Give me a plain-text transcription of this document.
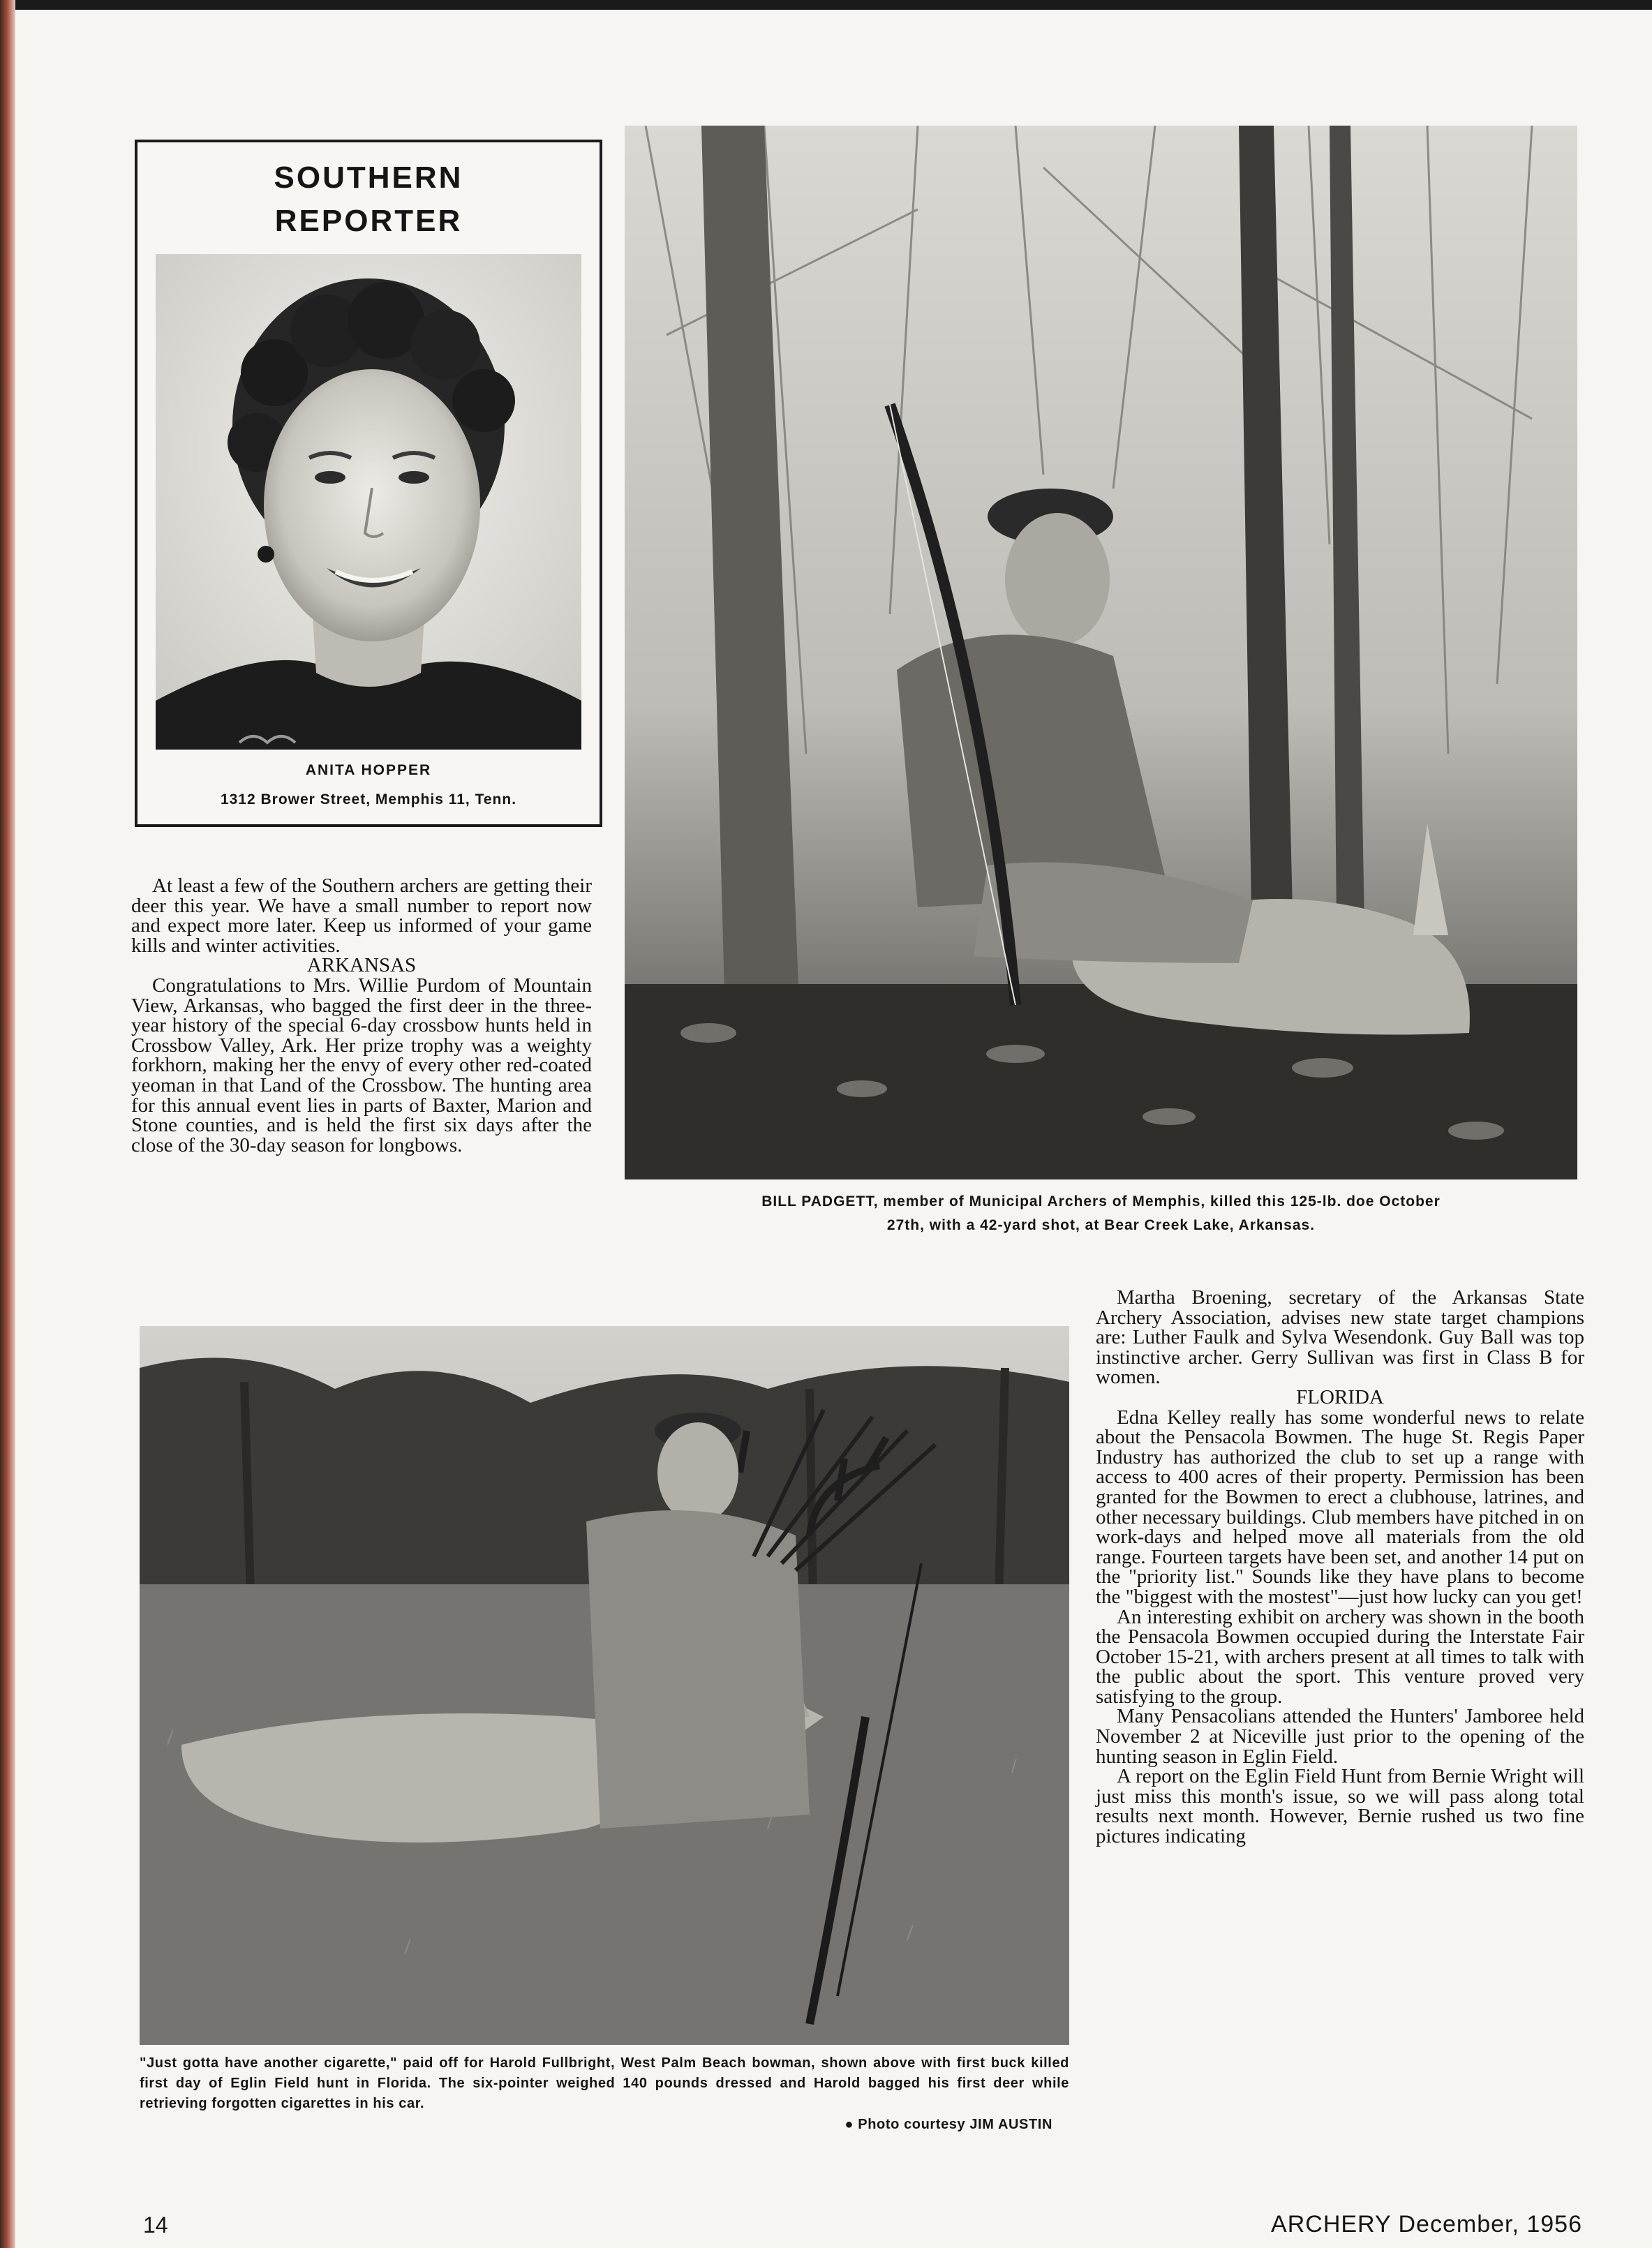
SOUTHERN
REPORTER
ANITA HOPPER
1312 Brower Street, Memphis 11, Tenn.
BILL PADGETT, member of Municipal Archers of Memphis, killed this 125-lb. doe October
27th, with a 42-yard shot, at Bear Creek Lake, Arkansas.

At least a few of the Southern archers are getting their deer this year. We have a small number to report now and expect more later. Keep us informed of your game kills and winter activities.

ARKANSAS

Congratulations to Mrs. Willie Purdom of Mountain View, Arkansas, who bagged the first deer in the three-year history of the special 6-day crossbow hunts held in Crossbow Valley, Ark. Her prize trophy was a weighty forkhorn, making her the envy of every other red-coated yeoman in that Land of the Crossbow. The hunting area for this annual event lies in parts of Baxter, Marion and Stone counties, and is held the first six days after the close of the 30-day season for longbows.

"Just gotta have another cigarette," paid off for Harold Fullbright, West Palm Beach bowman, shown above with first buck killed first day of Eglin Field hunt in Florida. The six-pointer weighed 140 pounds dressed and Harold bagged his first deer while retrieving forgotten cigarettes in his car.
● Photo courtesy JIM AUSTIN

Martha Broening, secretary of the Arkansas State Archery Association, advises new state target champions are: Luther Faulk and Sylva Wesendonk. Guy Ball was top instinctive archer. Gerry Sullivan was first in Class B for women.

FLORIDA

Edna Kelley really has some wonderful news to relate about the Pensacola Bowmen. The huge St. Regis Paper Industry has authorized the club to set up a range with access to 400 acres of their property. Permission has been granted for the Bowmen to erect a clubhouse, latrines, and other necessary buildings. Club members have pitched in on work-days and helped move all materials from the old range. Fourteen targets have been set, and another 14 put on the "priority list." Sounds like they have plans to become the "biggest with the mostest"—just how lucky can you get!

An interesting exhibit on archery was shown in the booth the Pensacola Bowmen occupied during the Interstate Fair October 15-21, with archers present at all times to talk with the public about the sport. This venture proved very satisfying to the group.

Many Pensacolians attended the Hunters' Jamboree held November 2 at Niceville just prior to the opening of the hunting season in Eglin Field.

A report on the Eglin Field Hunt from Bernie Wright will just miss this month's issue, so we will pass along total results next month. However, Bernie rushed us two fine pictures indicating

14	ARCHERY December, 1956
